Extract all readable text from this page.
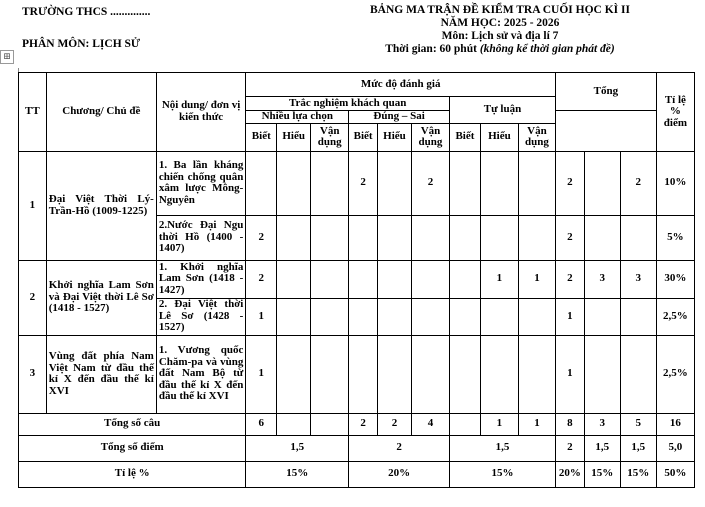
TRƯỜNG THCS ..............
PHÂN MÔN: LỊCH SỬ
BẢNG MA TRẬN ĐỀ KIỂM TRA CUỐI HỌC KÌ II
NĂM HỌC: 2025 - 2026
Môn: Lịch sử và địa lí 7
Thời gian: 60 phút (không kể thời gian phát đề)
⊞
TT	Chương/ Chủ đề	Nội dung/ đơn vị kiến thức	Mức độ đánh giá									Tổng			Tỉ lệ % điểm
			Trắc nghiệm khách quan						Tự luận						
			Nhiều lựa chọn			Đúng – Sai									
			Biết	Hiểu	Vận dụng	Biết	Hiểu	Vận dụng	Biết	Hiểu	Vận dụng				
1	Đại Việt Thời Lý-Trần-Hồ (1009-1225)	1. Ba lần kháng chiến chống quân xâm lược Mông-Nguyên				2		2				2		2	10%
		2.Nước Đại Ngu thời Hồ (1400 - 1407)	2									2			5%
2	Khởi nghĩa Lam Sơn và Đại Việt thời Lê Sơ (1418 - 1527)	1. Khởi nghĩa Lam Sơn (1418 - 1427)	2							1	1	2	3	3	30%
		2. Đại Việt thời Lê Sơ (1428 - 1527)	1									1			2,5%
3	Vùng đất phía Nam Việt Nam từ đầu thế kỉ X đến đầu thế kỉ XVI	1. Vương quốc Chăm-pa và vùng đất Nam Bộ từ đầu thế kỉ X đến đầu thế kỉ XVI	1									1			2,5%
Tổng số câu			6			2	2	4		1	1	8	3	5	16
Tổng số điểm			1,5			2			1,5			2	1,5	1,5	5,0
Tỉ lệ %			15%			20%			15%			20%	15%	15%	50%
